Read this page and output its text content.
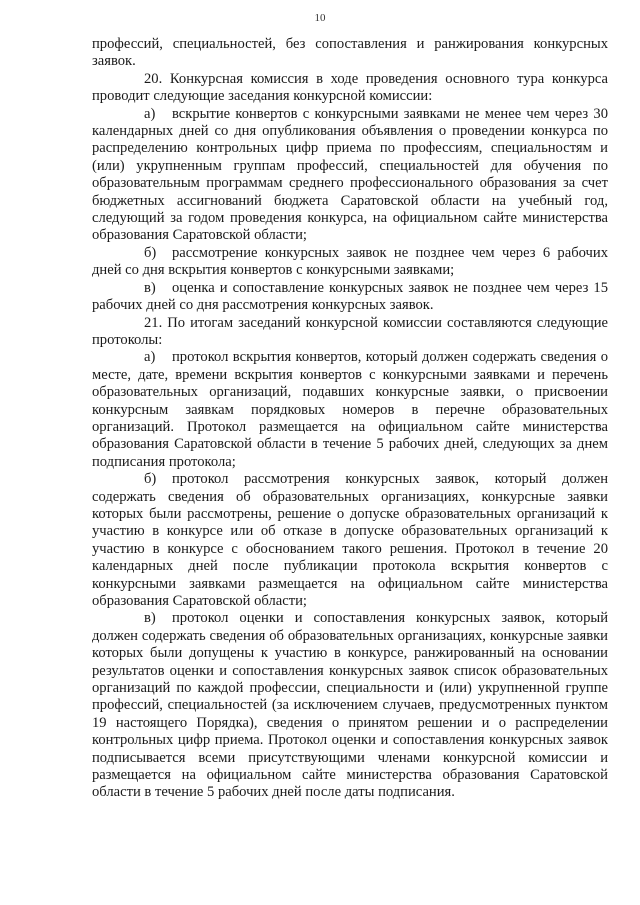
10

профессий, специальностей, без сопоставления и ранжирования конкурсных заявок.

20. Конкурсная комиссия в ходе проведения основного тура конкурса проводит следующие заседания конкурсной комиссии:

а) вскрытие конвертов с конкурсными заявками не менее чем через 30 календарных дней со дня опубликования объявления о проведении конкурса по распределению контрольных цифр приема по профессиям, специальностям и (или) укрупненным группам профессий, специальностей для обучения по образовательным программам среднего профессионального образования за счет бюджетных ассигнований бюджета Саратовской области на учебный год, следующий за годом проведения конкурса, на официальном сайте министерства образования Саратовской области;

б) рассмотрение конкурсных заявок не позднее чем через 6 рабочих дней со дня вскрытия конвертов с конкурсными заявками;

в) оценка и сопоставление конкурсных заявок не позднее чем через 15 рабочих дней со дня рассмотрения конкурсных заявок.

21. По итогам заседаний конкурсной комиссии составляются следующие протоколы:

а) протокол вскрытия конвертов, который должен содержать сведения о месте, дате, времени вскрытия конвертов с конкурсными заявками и перечень образовательных организаций, подавших конкурсные заявки, о присвоении конкурсным заявкам порядковых номеров в перечне образовательных организаций. Протокол размещается на официальном сайте министерства образования Саратовской области в течение 5 рабочих дней, следующих за днем подписания протокола;

б) протокол рассмотрения конкурсных заявок, который должен содержать сведения об образовательных организациях, конкурсные заявки которых были рассмотрены, решение о допуске образовательных организаций к участию в конкурсе или об отказе в допуске образовательных организаций к участию в конкурсе с обоснованием такого решения. Протокол в течение 20 календарных дней после публикации протокола вскрытия конвертов с конкурсными заявками размещается на официальном сайте министерства образования Саратовской области;

в) протокол оценки и сопоставления конкурсных заявок, который должен содержать сведения об образовательных организациях, конкурсные заявки которых были допущены к участию в конкурсе, ранжированный на основании результатов оценки и сопоставления конкурсных заявок список образовательных организаций по каждой профессии, специальности и (или) укрупненной группе профессий, специальностей (за исключением случаев, предусмотренных пунктом 19 настоящего Порядка), сведения о принятом решении и о распределении контрольных цифр приема. Протокол оценки и сопоставления конкурсных заявок подписывается всеми присутствующими членами конкурсной комиссии и размещается на официальном сайте министерства образования Саратовской области в течение 5 рабочих дней после даты подписания.
